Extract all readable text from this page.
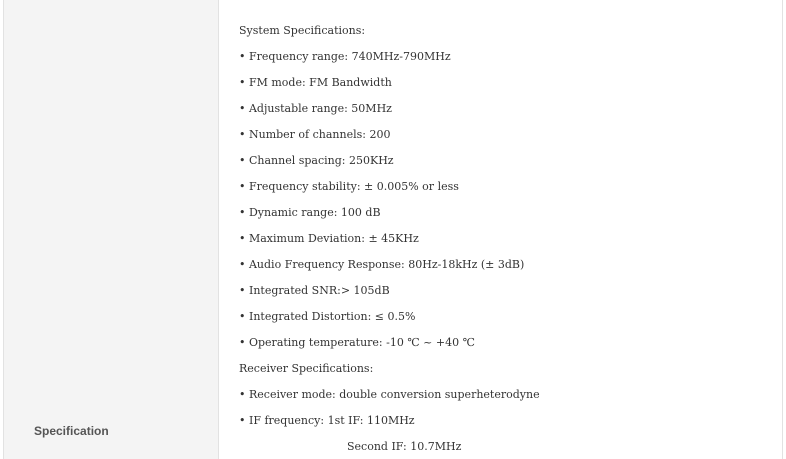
Specification
System Specifications:
• Frequency range: 740MHz-790MHz
• FM mode: FM Bandwidth
• Adjustable range: 50MHz
• Number of channels: 200
• Channel spacing: 250KHz
• Frequency stability: ± 0.005% or less
• Dynamic range: 100 dB
• Maximum Deviation: ± 45KHz
• Audio Frequency Response: 80Hz-18kHz (± 3dB)
• Integrated SNR:> 105dB
• Integrated Distortion: ≤ 0.5%
• Operating temperature: -10 ℃ ~ +40 ℃
Receiver Specifications:
• Receiver mode: double conversion superheterodyne
• IF frequency: 1st IF: 110MHz
Second IF: 10.7MHz
